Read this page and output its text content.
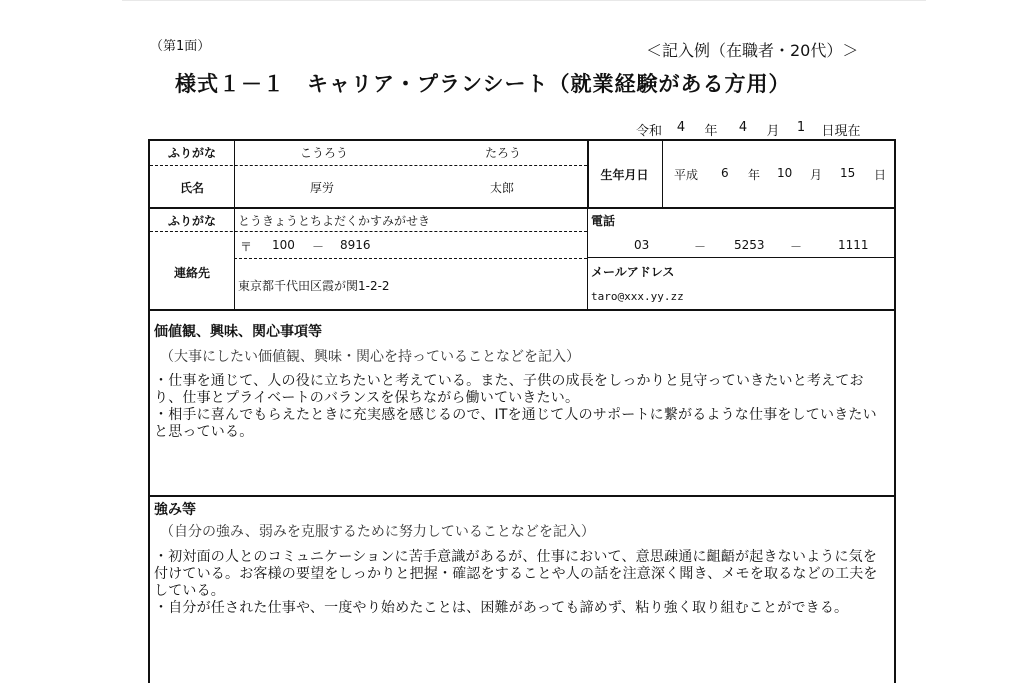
（第1面）	＜記入例（在職者・20代）＞
様式１－１　キャリア・プランシート（就業経験がある方用）
令和	4	年	4	月	1	日現在
ふりがな	こうろう	たろう
氏名	厚労	太郎
生年月日	平成 6 年 10 月 15 日
ふりがな	とうきょうとちよだくかすみがせき
連絡先
〒 100 － 8916
東京都千代田区霞が関1-2-2
電話
03	－ 5253 －	1111
メールアドレス
taro@xxx.yy.zz
価値観、興味、関心事項等
（大事にしたい価値観、興味・関心を持っていることなどを記入）

・仕事を通じて、人の役に立ちたいと考えている。また、子供の成長をしっかりと見守っていきたいと考えており、仕事とプライベートのバランスを保ちながら働いていきたい。

・相手に喜んでもらえたときに充実感を感じるので、ITを通じて人のサポートに繋がるような仕事をしていきたいと思っている。

強み等
（自分の強み、弱みを克服するために努力していることなどを記入）

・初対面の人とのコミュニケーションに苦手意識があるが、仕事において、意思疎通に齟齬が起きないように気を付けている。お客様の要望をしっかりと把握・確認をすることや人の話を注意深く聞き、メモを取るなどの工夫をしている。

・自分が任された仕事や、一度やり始めたことは、困難があっても諦めず、粘り強く取り組むことができる。
